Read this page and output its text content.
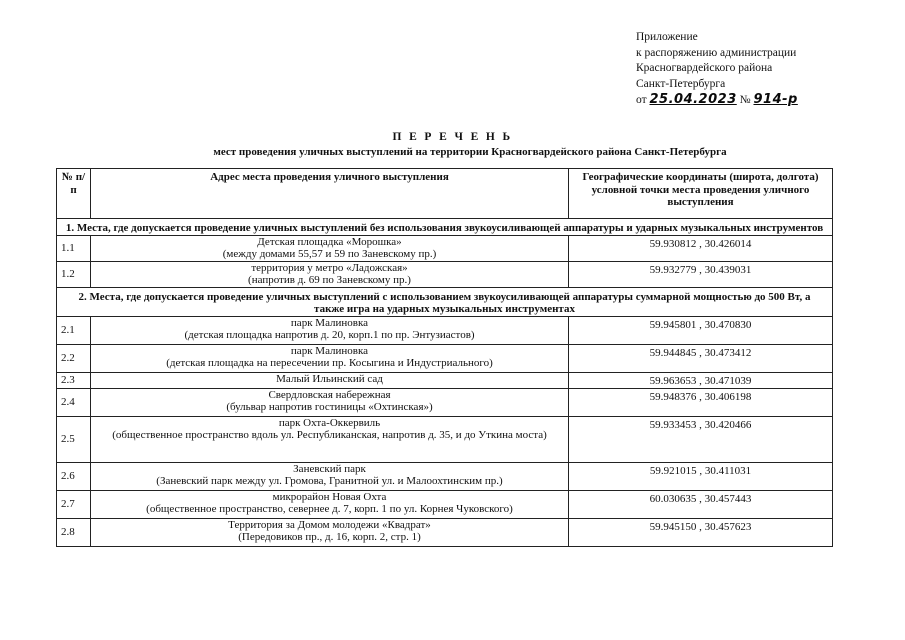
Приложение
к распоряжению администрации
Красногвардейского района
Санкт-Петербурга
от 25.04.2023 № 914-р
П Е Р Е Ч Е Н Ь
мест проведения уличных выступлений на территории Красногвардейского района Санкт-Петербурга
№ п/п	Адрес места проведения уличного выступления	Географические координаты (широта, долгота) условной точки места проведения уличного выступления
1. Места, где допускается проведение уличных выступлений без использования звукоусиливающей аппаратуры и ударных музыкальных инструментов		
1.1	Детская площадка «Морошка»
(между домами 55,57 и 59 по Заневскому пр.)	59.930812 , 30.426014
1.2	территория у метро «Ладожская»
(напротив д. 69 по Заневскому пр.)	59.932779 , 30.439031
2. Места, где допускается проведение уличных выступлений с использованием звукоусиливающей аппаратуры суммарной мощностью до 500 Вт, а также игра на ударных музыкальных инструментах		
2.1	парк Малиновка
(детская площадка напротив д. 20, корп.1 по пр. Энтузиастов)	59.945801 , 30.470830
2.2	парк Малиновка
(детская площадка на пересечении пр. Косыгина и Индустриального)	59.944845 , 30.473412
2.3	Малый Ильинский сад	59.963653 , 30.471039
2.4	Свердловская набережная
(бульвар напротив гостиницы «Охтинская»)	59.948376 , 30.406198
2.5	парк Охта-Оккервиль
(общественное пространство вдоль ул. Республиканская, напротив д. 35, и до Уткина моста)	59.933453 , 30.420466
2.6	Заневский парк
(Заневский парк между ул. Громова, Гранитной ул. и Малоохтинским пр.)	59.921015 , 30.411031
2.7	микрорайон Новая Охта
(общественное пространство, севернее д. 7, корп. 1 по ул. Корнея Чуковского)	60.030635 , 30.457443
2.8	Территория за Домом молодежи «Квадрат»
(Передовиков пр., д. 16, корп. 2, стр. 1)	59.945150 , 30.457623
